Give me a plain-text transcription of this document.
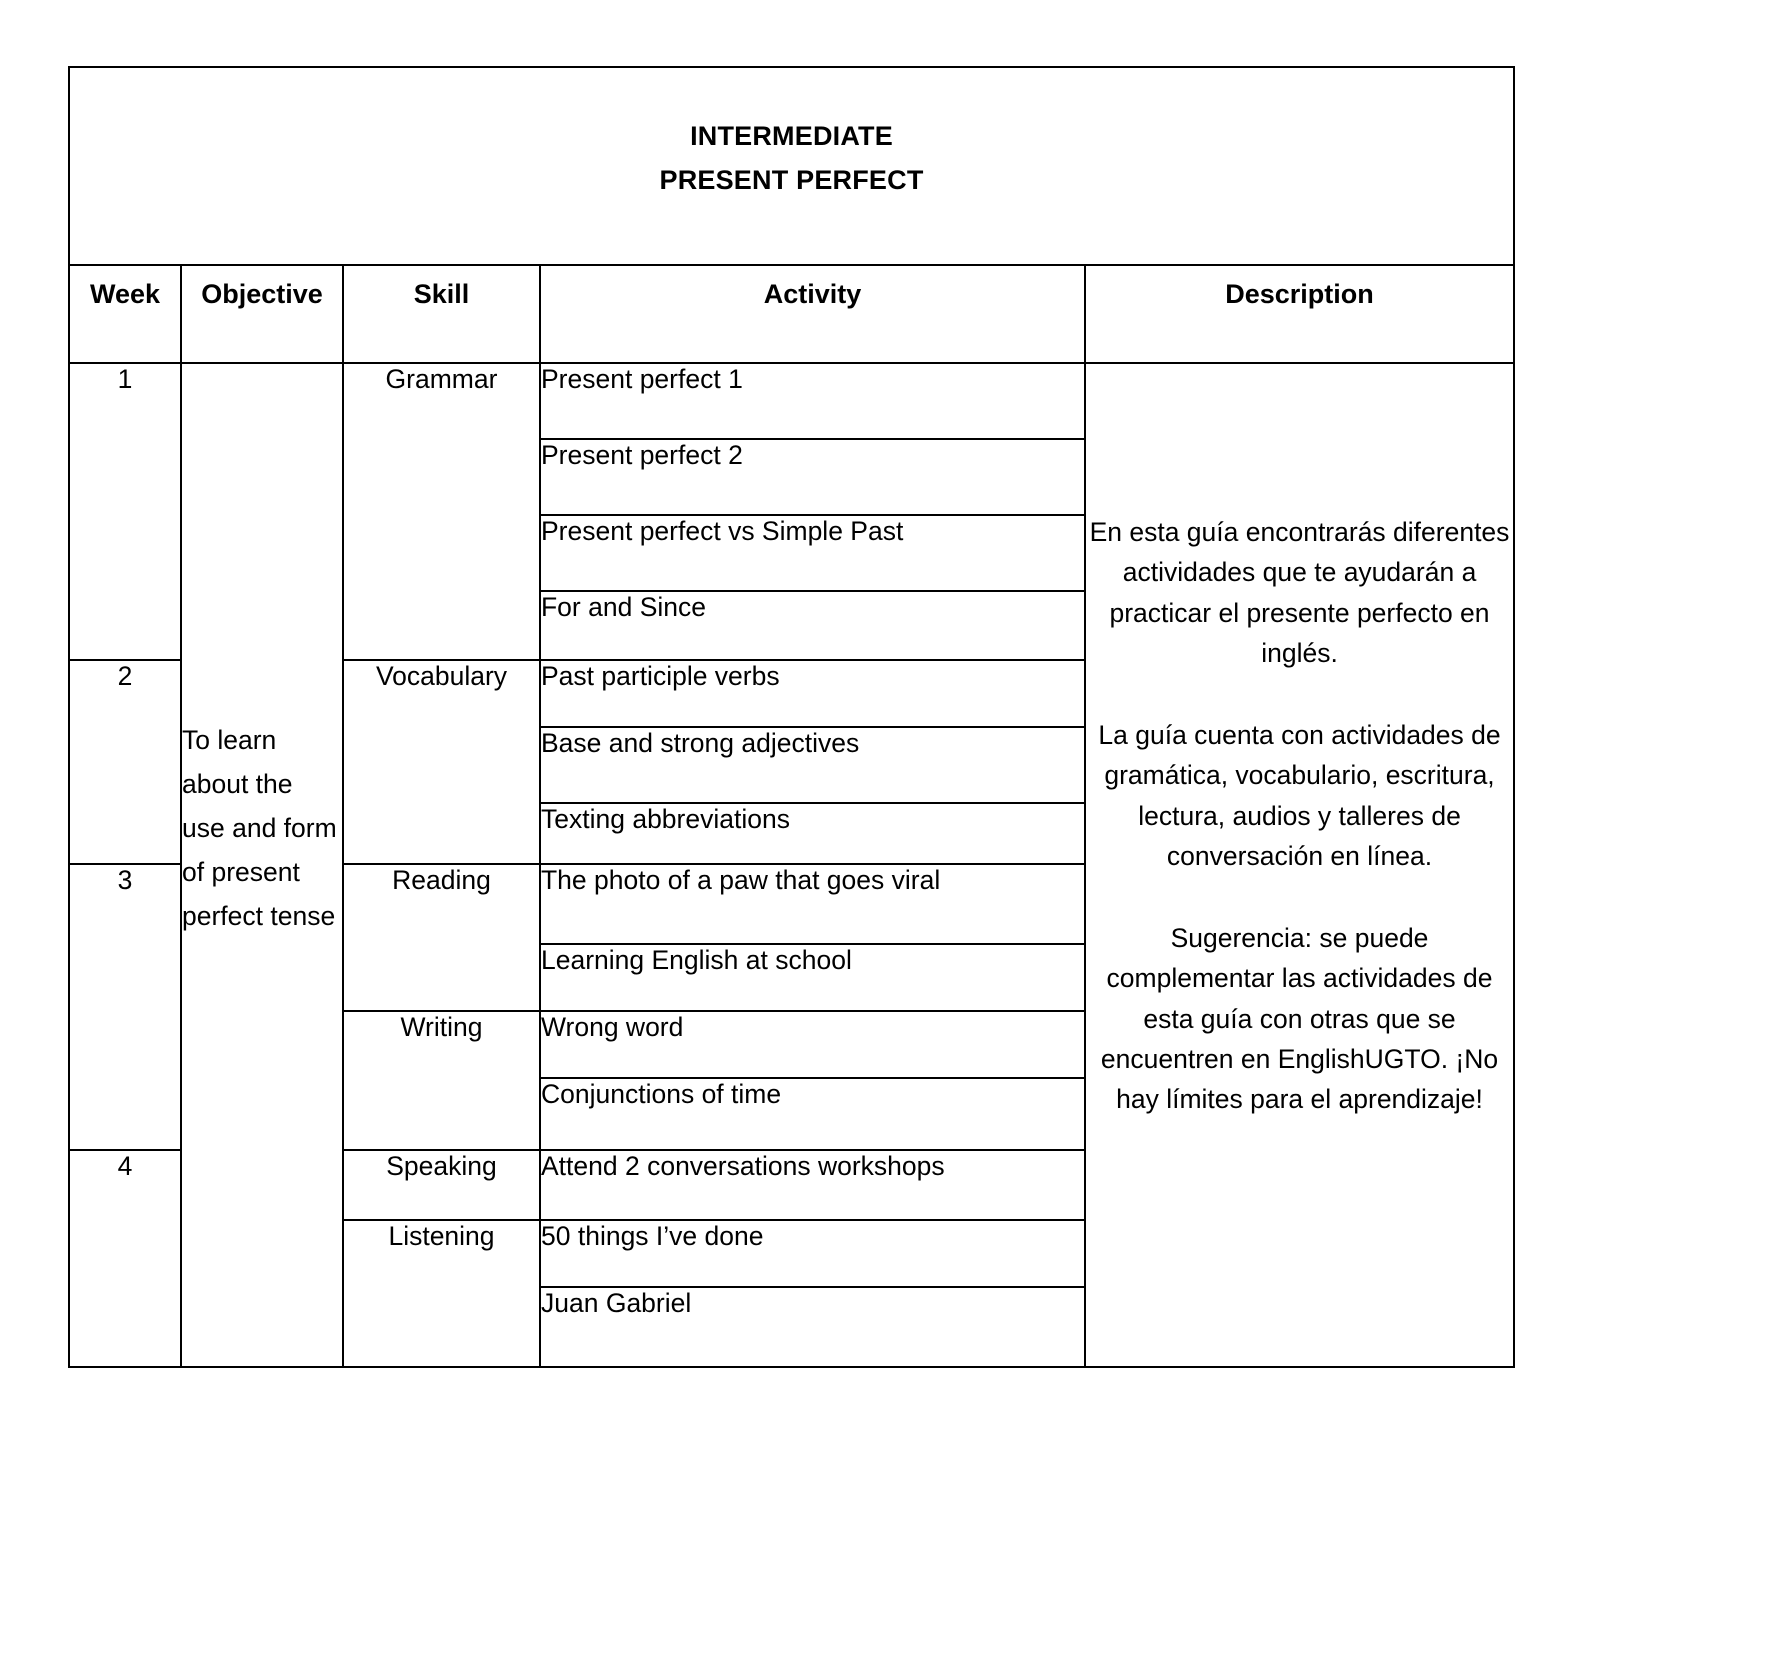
INTERMEDIATE
PRESENT PERFECT				

Week	Objective	Skill	Activity	Description

1	To learn about the use and form of present perfect tense	Grammar	Present perfect 1	En esta guía encontrarás diferentes actividades que te ayudarán a practicar el presente perfecto en inglés.

La guía cuenta con actividades de gramática, vocabulario, escritura, lectura, audios y talleres de conversación en línea.

Sugerencia: se puede complementar las actividades de esta guía con otras que se encuentren en EnglishUGTO. ¡No hay límites para el aprendizaje!

			Present perfect 2	
			Present perfect vs Simple Past	
			For and Since	
2		Vocabulary	Past participle verbs	
			Base and strong adjectives	
			Texting abbreviations	
3		Reading	The photo of a paw that goes viral	
			Learning English at school	
		Writing	Wrong word	
			Conjunctions of time	
4		Speaking	Attend 2 conversations workshops	
		Listening	50 things I’ve done	
			Juan Gabriel	
